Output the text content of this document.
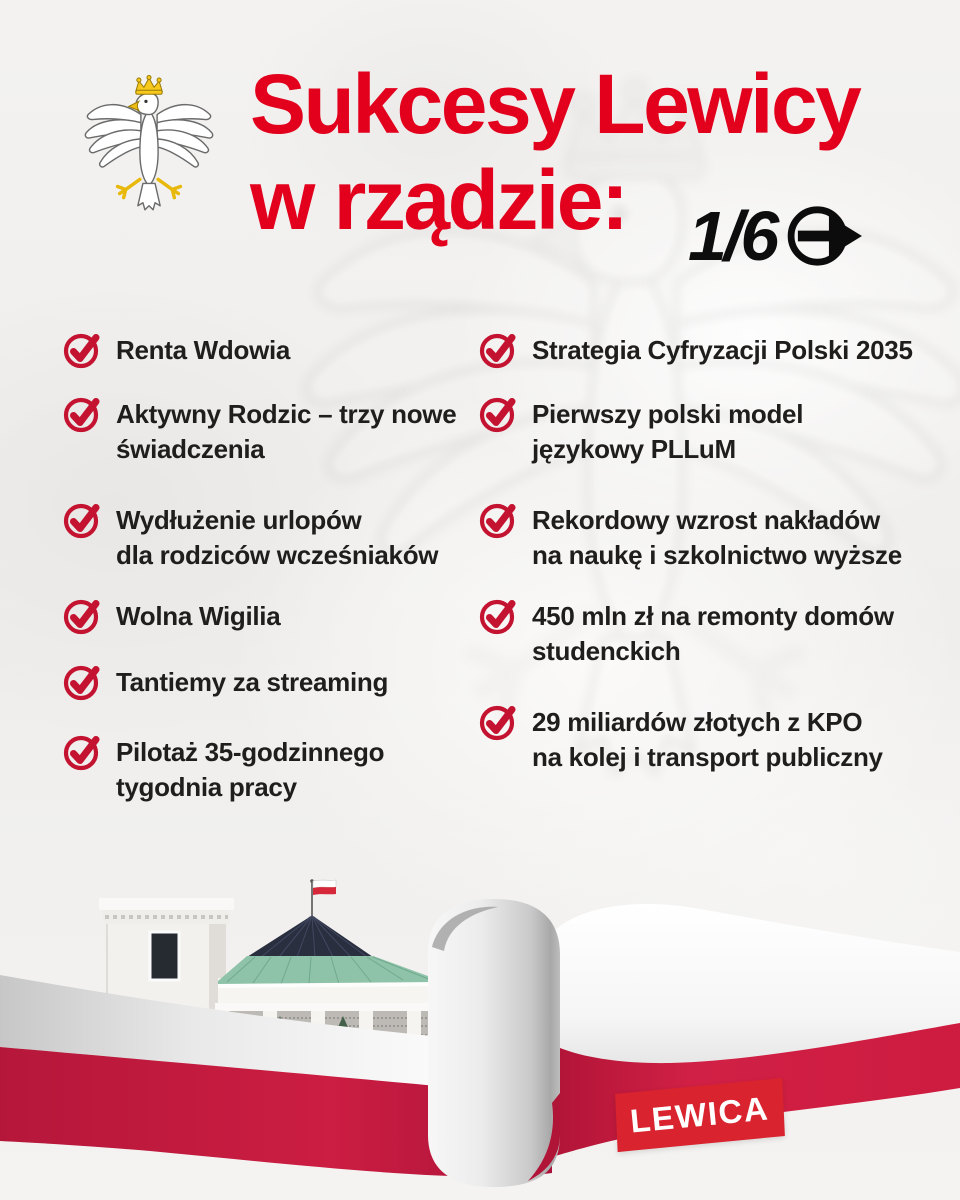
Sukcesy Lewicy
w rządzie: 1/6
Renta Wdowia
Aktywny Rodzic – trzy nowe
świadczenia
Wydłużenie urlopów
dla rodziców wcześniaków
Wolna Wigilia
Tantiemy za streaming
Pilotaż 35-godzinnego
tygodnia pracy
Strategia Cyfryzacji Polski 2035
Pierwszy polski model
językowy PLLuM
Rekordowy wzrost nakładów
na naukę i szkolnictwo wyższe
450 mln zł na remonty domów
studenckich
29 miliardów złotych z KPO
na kolej i transport publiczny
LEWICA
